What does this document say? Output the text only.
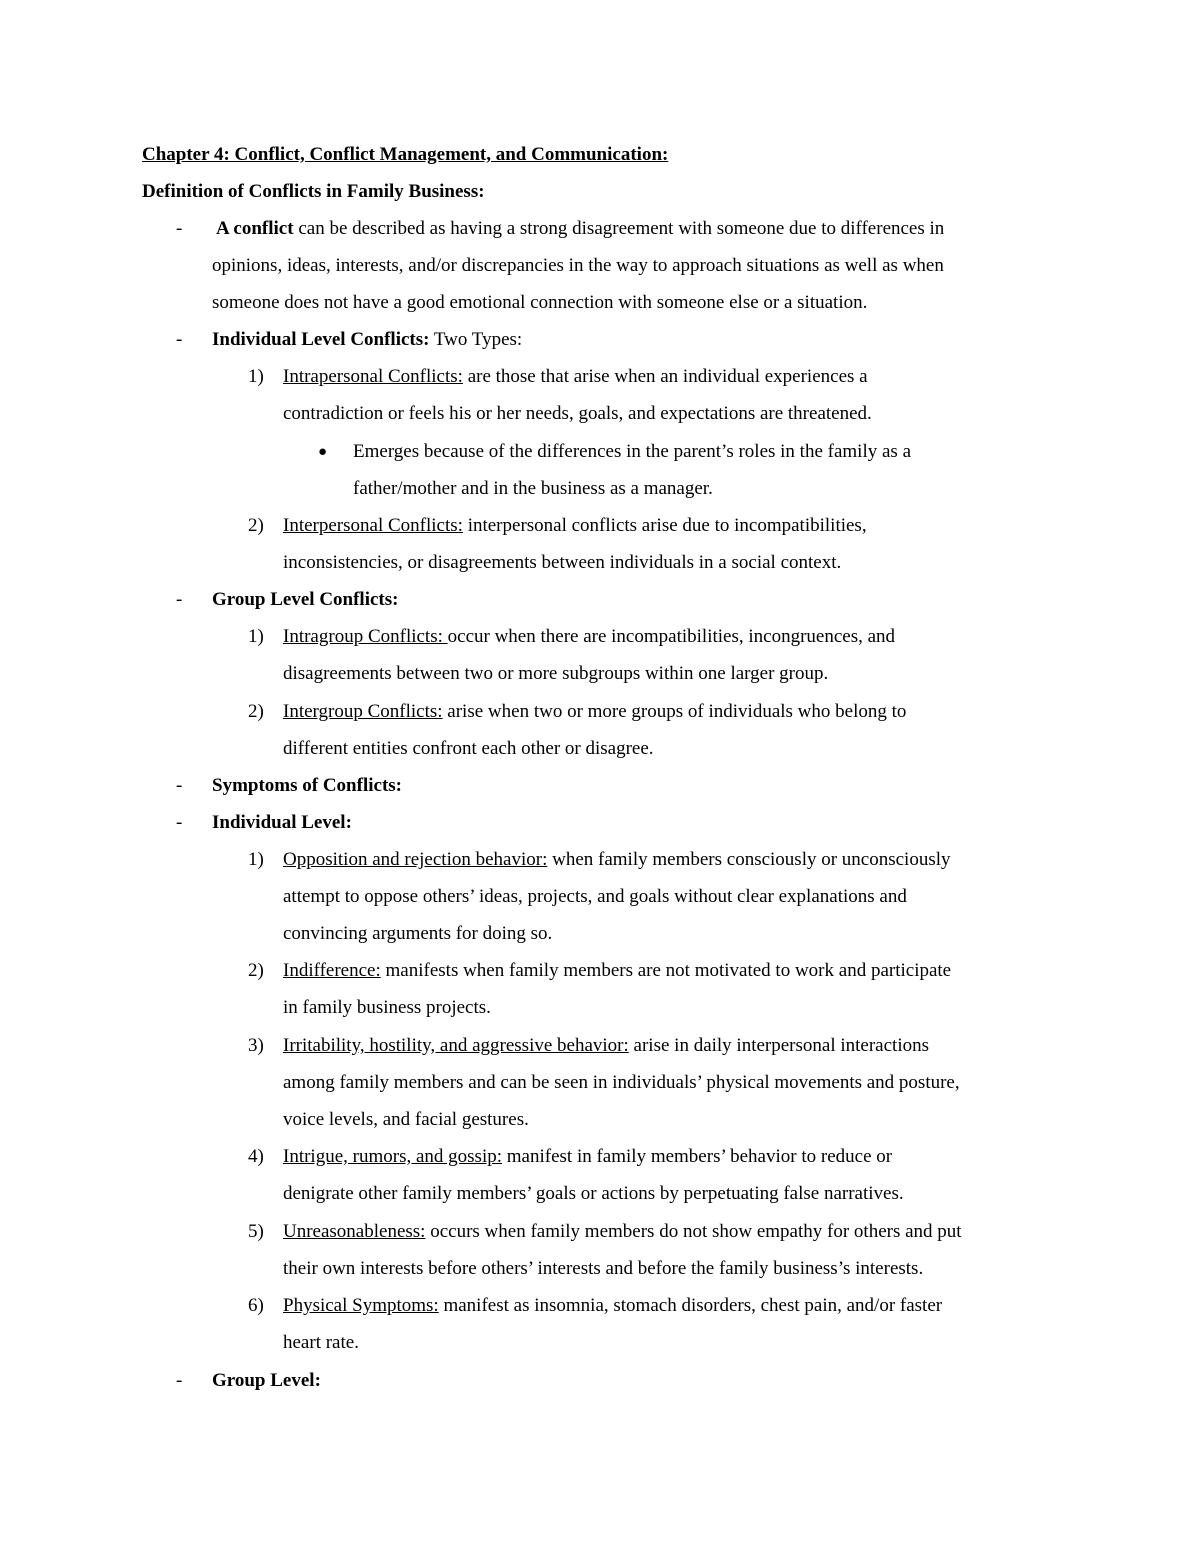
Chapter 4: Conflict, Conflict Management, and Communication:
Definition of Conflicts in Family Business:
- A conflict can be described as having a strong disagreement with someone due to differences in
opinions, ideas, interests, and/or discrepancies in the way to approach situations as well as when
someone does not have a good emotional connection with someone else or a situation.
- Individual Level Conflicts: Two Types:
1) Intrapersonal Conflicts: are those that arise when an individual experiences a
contradiction or feels his or her needs, goals, and expectations are threatened.
● Emerges because of the differences in the parent’s roles in the family as a
father/mother and in the business as a manager.
2) Interpersonal Conflicts: interpersonal conflicts arise due to incompatibilities,
inconsistencies, or disagreements between individuals in a social context.
- Group Level Conflicts:
1) Intragroup Conflicts: occur when there are incompatibilities, incongruences, and
disagreements between two or more subgroups within one larger group.
2) Intergroup Conflicts: arise when two or more groups of individuals who belong to
different entities confront each other or disagree.
- Symptoms of Conflicts:
- Individual Level:
1) Opposition and rejection behavior: when family members consciously or unconsciously
attempt to oppose others’ ideas, projects, and goals without clear explanations and
convincing arguments for doing so.
2) Indifference: manifests when family members are not motivated to work and participate
in family business projects.
3) Irritability, hostility, and aggressive behavior: arise in daily interpersonal interactions
among family members and can be seen in individuals’ physical movements and posture,
voice levels, and facial gestures.
4) Intrigue, rumors, and gossip: manifest in family members’ behavior to reduce or
denigrate other family members’ goals or actions by perpetuating false narratives.
5) Unreasonableness: occurs when family members do not show empathy for others and put
their own interests before others’ interests and before the family business’s interests.
6) Physical Symptoms: manifest as insomnia, stomach disorders, chest pain, and/or faster
heart rate.
- Group Level:
